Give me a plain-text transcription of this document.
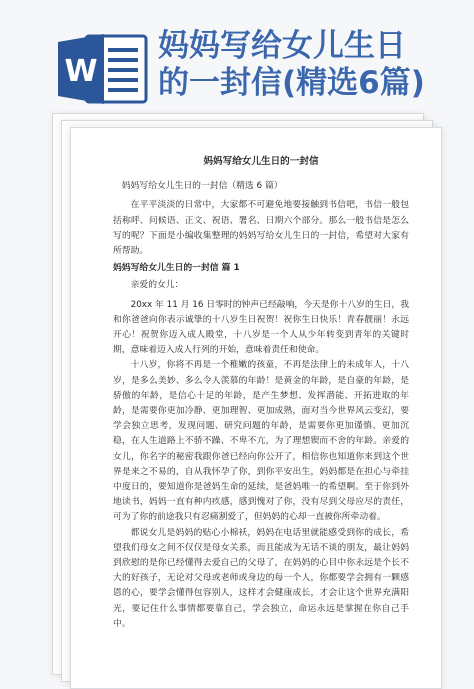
W
妈妈写给女儿生日
的一封信(精选6篇)
妈妈写给女儿生日的一封信

妈妈写给女儿生日的一封信（精选 6 篇）

在平平淡淡的日常中，大家都不可避免地要接触到书信吧，书信一般包括称呼、问候语、正文、祝语、署名、日期六个部分。那么一般书信是怎么写的呢？下面是小编收集整理的妈妈写给女儿生日的一封信，希望对大家有所帮助。

妈妈写给女儿生日的一封信 篇 1

亲爱的女儿：

20xx 年 11 月 16 日零时的钟声已经敲响，今天是你十八岁的生日，我和你爸爸向你表示诚挚的十八岁生日祝贺！祝你生日快乐！青春靓丽！永远开心！祝贺你迈入成人殿堂，十八岁是一个人从少年转变到青年的关键时期，意味着迈入成人行列的开始，意味着责任和使命。

十八岁，你将不再是一个稚嫩的孩童，不再是法律上的未成年人，十八岁，是多么美妙、多么令人羡慕的年龄！是黄金的年龄，是自豪的年龄，是骄傲的年龄，是信心十足的年龄，是产生梦想、发挥潜能、开拓进取的年龄，是需要你更加冷静、更加理智、更加成熟，面对当今世界风云变幻，要学会独立思考，发现问题、研究问题的年龄，是需要你更加谨慎、更加沉稳，在人生道路上不骄不躁、不卑不亢，为了理想锲而不舍的年龄。亲爱的女儿，你名字的秘密我跟你爸已经向你公开了，相信你也知道你来到这个世界是来之不易的，自从我怀孕了你，到你平安出生，妈妈都是在担心与牵挂中度日的，要知道你是爸妈生命的延续，是爸妈唯一的希望啊。至于你到外地读书，妈妈一直有种内疚感，感到愧对了你，没有尽到父母应尽的责任，可为了你的前途我只有忍痛割爱了，但妈妈的心却一直被你所牵动着。

都说女儿是妈妈的贴心小棉袄，妈妈在电话里就能感受到你的成长，希望我们母女之间不仅仅是母女关系，而且能成为无话不谈的朋友，最让妈妈到欣慰的是你已经懂得去爱自己的父母了，在妈妈的心目中你永远是个长不大的好孩子，无论对父母或老师或身边的每一个人，你都要学会拥有一颗感恩的心，要学会懂得包容别人，这样才会健康成长，才会让这个世界充满阳光，要记住什么事情都要靠自己，学会独立，命运永远是掌握在你自己手中。
